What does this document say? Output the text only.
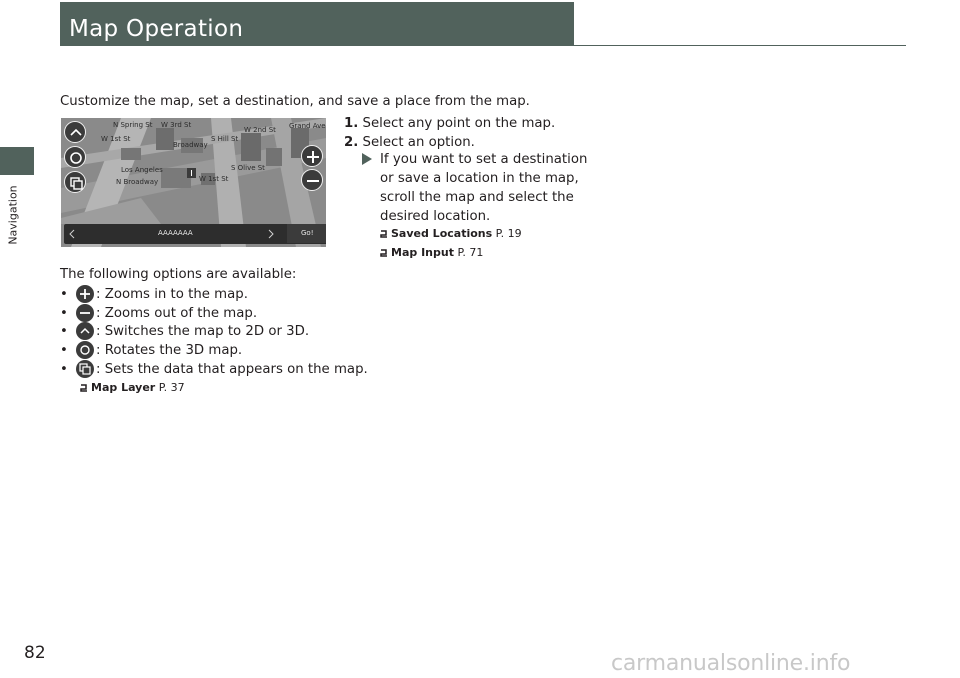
Navigation
Map Operation
Customize the map, set a destination, and save a place from the map.
N Spring St W 3rd St	Grand Ave
W 2nd St
W 1st St	S Hill St
Broadway
S Olive St
Los Angeles
N Broadway	W 1st St
AAAAAAA	Go!
1. Select any point on the map.
2. Select an option.
If you want to set a destination or save a location in the map, scroll the map and select the desired location.
Saved Locations P. 19
Map Input P. 71
The following options are available:
•	: Zooms in to the map.
•	: Zooms out of the map.
•	: Switches the map to 2D or 3D.
•	: Rotates the 3D map.
•	: Sets the data that appears on the map.
Map Layer P. 37
82	carmanualsonline.info
